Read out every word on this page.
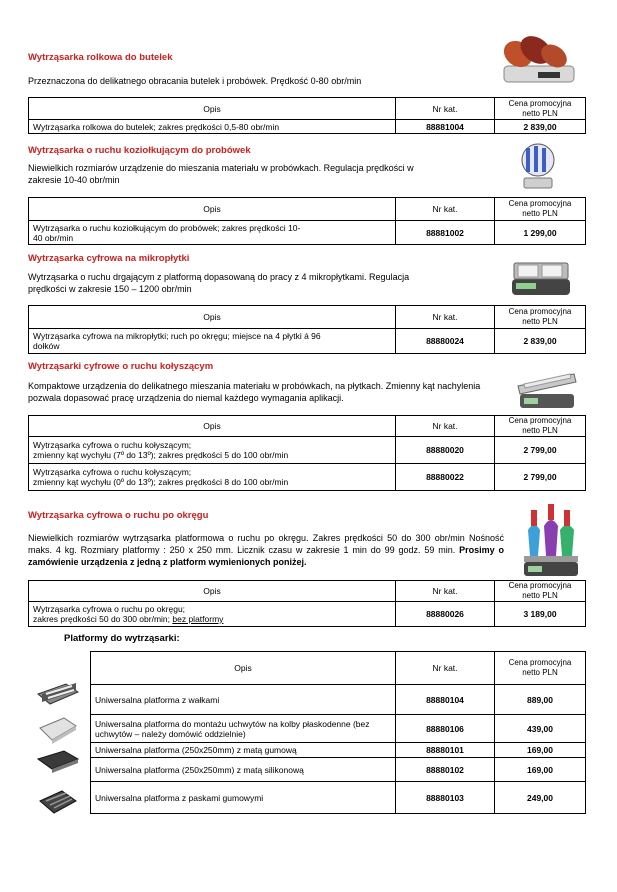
Wytrząsarka rolkowa do butelek
Przeznaczona do delikatnego obracania butelek i probówek. Prędkość 0-80 obr/min
Opis	Nr kat.	Cena promocyjna netto PLN
Wytrząsarka rolkowa do butelek; zakres prędkości 0,5-80 obr/min	88881004	2 839,00
Wytrząsarka o ruchu koziołkującym do probówek
Niewielkich rozmiarów urządzenie do mieszania materiału w probówkach. Regulacja prędkości w zakresie 10-40 obr/min
Opis	Nr kat.	Cena promocyjna netto PLN
Wytrząsarka o ruchu koziołkującym do probówek; zakres prędkości 10-40 obr/min	88881002	1 299,00
Wytrząsarka cyfrowa na mikropłytki
Wytrząsarka o ruchu drgającym z platformą dopasowaną do pracy z 4 mikropłytkami. Regulacja prędkości w zakresie 150 – 1200 obr/min
Opis	Nr kat.	Cena promocyjna netto PLN
Wytrząsarka cyfrowa na mikropłytki; ruch po okręgu; miejsce na 4 płytki á 96 dołków	88880024	2 839,00
Wytrząsarki cyfrowe o ruchu kołyszącym
Kompaktowe urządzenia do delikatnego mieszania materiału w probówkach, na płytkach. Zmienny kąt nachylenia pozwala dopasować pracę urządzenia do niemal każdego wymagania aplikacji.
Opis	Nr kat.	Cena promocyjna netto PLN

Wytrząsarka cyfrowa o ruchu kołyszącym;
zmienny kąt wychyłu (7º do 13º); zakres prędkości 5 do 100 obr/min	88880020	2 799,00

Wytrząsarka cyfrowa o ruchu kołyszącym;
zmienny kąt wychyłu (0º do 13º); zakres prędkości 8 do 100 obr/min	88880022	2 799,00
Wytrząsarka cyfrowa o ruchu po okręgu
Niewielkich rozmiarów wytrząsarka platformowa o ruchu po okręgu. Zakres prędkości 50 do 300 obr/min Nośność maks. 4 kg. Rozmiary platformy : 250 x 250 mm. Licznik czasu w zakresie 1 min do 99 godz. 59 min. Prosimy o zamówienie urządzenia z jedną z platform wymienionych poniżej.
Opis	Nr kat.	Cena promocyjna netto PLN

Wytrząsarka cyfrowa o ruchu po okręgu;
zakres prędkości 50 do 300 obr/min; bez platformy	88880026	3 189,00
Platformy do wytrząsarki:
Opis	Nr kat.	Cena promocyjna netto PLN
Uniwersalna platforma z wałkami	88880104	889,00
Uniwersalna platforma do montażu uchwytów na kolby płaskodenne (bez uchwytów – należy domówić oddzielnie)	88880106	439,00
Uniwersalna platforma (250x250mm) z matą gumową	88880101	169,00
Uniwersalna platforma (250x250mm) z matą silikonową	88880102	169,00
Uniwersalna platforma z paskami gumowymi	88880103	249,00
